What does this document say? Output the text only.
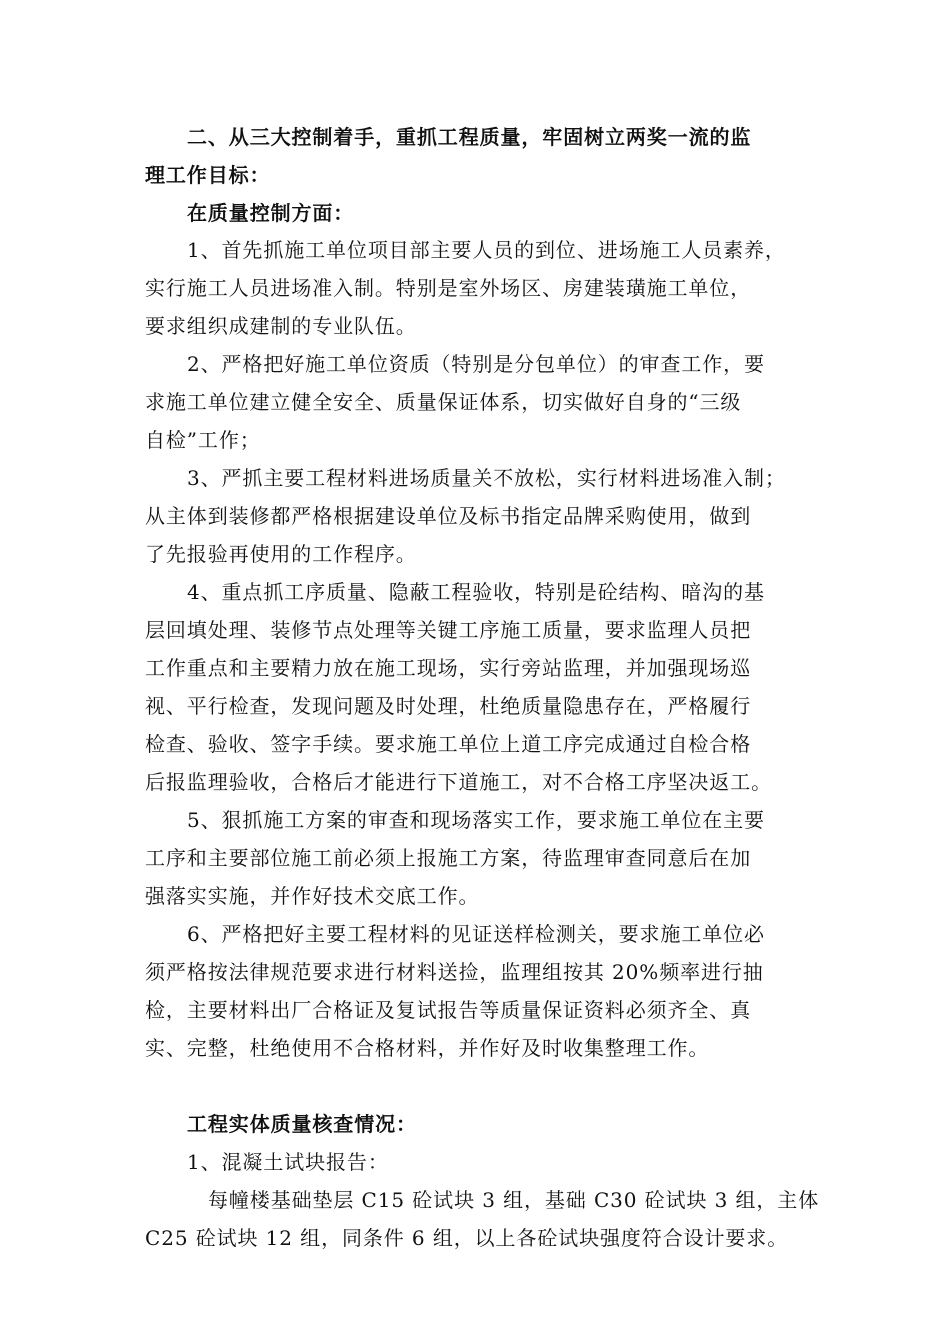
二、从三大控制着手，重抓工程质量，牢固树立两奖一流的监
理工作目标：
在质量控制方面：
1、首先抓施工单位项目部主要人员的到位、进场施工人员素养，
实行施工人员进场准入制。特别是室外场区、房建装璜施工单位，
要求组织成建制的专业队伍。
2、严格把好施工单位资质（特别是分包单位）的审查工作，要
求施工单位建立健全安全、质量保证体系，切实做好自身的“三级
自检”工作；
3、严抓主要工程材料进场质量关不放松，实行材料进场准入制；
从主体到装修都严格根据建设单位及标书指定品牌采购使用，做到
了先报验再使用的工作程序。
4、重点抓工序质量、隐蔽工程验收，特别是砼结构、暗沟的基
层回填处理、装修节点处理等关键工序施工质量，要求监理人员把
工作重点和主要精力放在施工现场，实行旁站监理，并加强现场巡
视、平行检查，发现问题及时处理，杜绝质量隐患存在，严格履行
检查、验收、签字手续。要求施工单位上道工序完成通过自检合格
后报监理验收，合格后才能进行下道施工，对不合格工序坚决返工。
5、狠抓施工方案的审查和现场落实工作，要求施工单位在主要
工序和主要部位施工前必须上报施工方案，待监理审查同意后在加
强落实实施，并作好技术交底工作。
6、严格把好主要工程材料的见证送样检测关，要求施工单位必
须严格按法律规范要求进行材料送捡，监理组按其 20%频率进行抽
检，主要材料出厂合格证及复试报告等质量保证资料必须齐全、真
实、完整，杜绝使用不合格材料，并作好及时收集整理工作。
工程实体质量核查情况：
1、混凝土试块报告：
每幢楼基础垫层 C15 砼试块 3 组，基础 C30 砼试块 3 组，主体
C25 砼试块 12 组，同条件 6 组，以上各砼试块强度符合设计要求。
